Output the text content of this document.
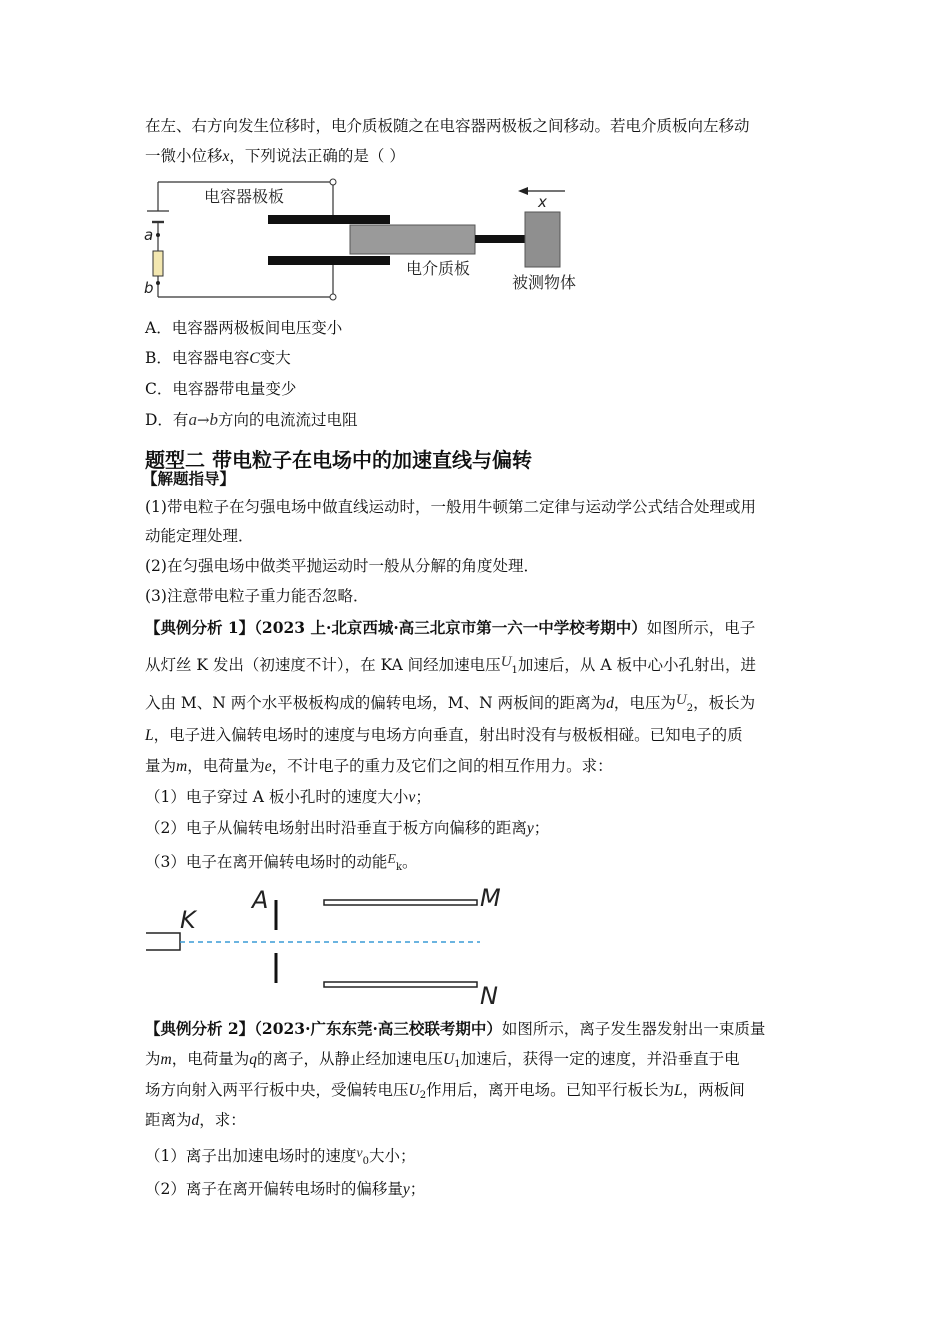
在左、右方向发生位移时，电介质板随之在电容器两极板之间移动。若电介质板向左移动
一微小位移x，下列说法正确的是（ ）
a
b
x
电容器极板
电介质板
被测物体
A．电容器两极板间电压变小
B．电容器电容C变大
C．电容器带电量变少
D．有a→b方向的电流流过电阻
题型二 带电粒子在电场中的加速直线与偏转
【解题指导】
(1)带电粒子在匀强电场中做直线运动时，一般用牛顿第二定律与运动学公式结合处理或用
动能定理处理．
(2)在匀强电场中做类平抛运动时一般从分解的角度处理．
(3)注意带电粒子重力能否忽略．
【典例分析 1】（2023 上·北京西城·高三北京市第一六一中学校考期中）如图所示，电子
从灯丝 K 发出（初速度不计），在 KA 间经加速电压$U_1$加速后，从 A 板中心小孔射出，进
入由 M、N 两个水平极板构成的偏转电场，M、N 两板间的距离为d，电压为$U_2$，板长为
L，电子进入偏转电场时的速度与电场方向垂直，射出时没有与极板相碰。已知电子的质
量为m，电荷量为e，不计电子的重力及它们之间的相互作用力。求：
（1）电子穿过 A 板小孔时的速度大小v；
（2）电子从偏转电场射出时沿垂直于板方向偏移的距离y；
（3）电子在离开偏转电场时的动能$E_k$。
K
A	M
N
【典例分析 2】（2023·广东东莞·高三校联考期中）如图所示，离子发生器发射出一束质量
为m，电荷量为q的离子，从静止经加速电压$U_1$加速后，获得一定的速度，并沿垂直于电
场方向射入两平行板中央，受偏转电压$U_2$作用后，离开电场。已知平行板长为L，两板间
距离为d，求：
（1）离子出加速电场时的速度$v_0$大小；
（2）离子在离开偏转电场时的偏移量y；
